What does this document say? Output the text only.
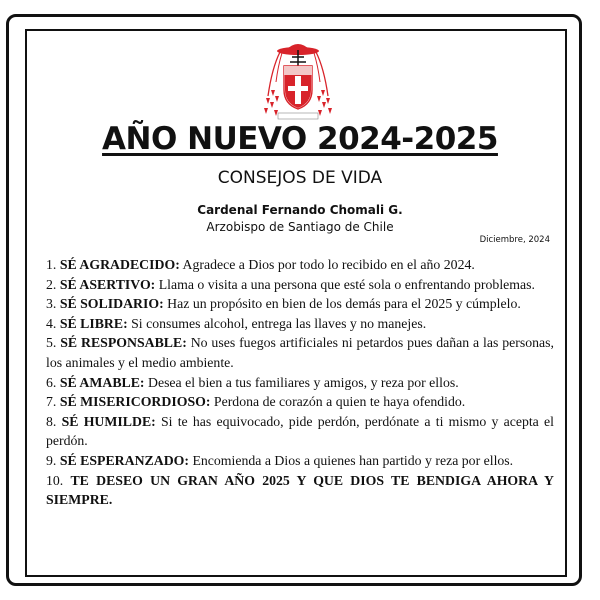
AÑO NUEVO 2024-2025
CONSEJOS DE VIDA
Cardenal Fernando Chomali G.
Arzobispo de Santiago de Chile
Diciembre, 2024
1. SÉ AGRADECIDO: Agradece a Dios por todo lo recibido en el año 2024.
2. SÉ ASERTIVO: Llama o visita a una persona que esté sola o enfrentando problemas.
3. SÉ SOLIDARIO: Haz un propósito en bien de los demás para el 2025 y cúmplelo.
4. SÉ LIBRE: Si consumes alcohol, entrega las llaves y no manejes.
5. SÉ RESPONSABLE: No uses fuegos artificiales ni petardos pues dañan a las personas, los animales y el medio ambiente.
6. SÉ AMABLE: Desea el bien a tus familiares y amigos, y reza por ellos.
7. SÉ MISERICORDIOSO: Perdona de corazón a quien te haya ofendido.
8. SÉ HUMILDE: Si te has equivocado, pide perdón, perdónate a ti mismo y acepta el perdón.
9. SÉ ESPERANZADO: Encomienda a Dios a quienes han partido y reza por ellos.
10. TE DESEO UN GRAN AÑO 2025 Y QUE DIOS TE BENDIGA AHORA Y SIEMPRE.
